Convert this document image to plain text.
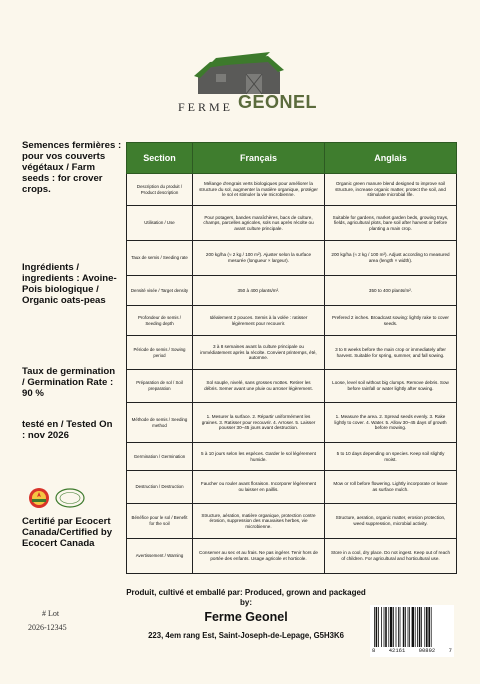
FERME GEONEL
Semences fermières : pour vos couverts végétaux / Farm seeds : for crover crops.
Ingrédients / ingredients : Avoine-Pois biologique / Organic oats-peas
Taux de germination / Germination Rate : 90 %
testé en / Tested On : nov 2026
Certifié par Ecocert Canada/Certified by Ecocert Canada
# Lot
2026-12345
Section	Français	Anglais
Description du produit / Product description	Mélange d'engrais verts biologiques pour améliorer la structure du sol, augmenter la matière organique, protéger le sol et stimuler la vie microbienne.	Organic green manure blend designed to improve soil structure, increase organic matter, protect the soil, and stimulate microbial life.
Utilisation / Use	Pour potagers, bandes maraîchères, bacs de culture, champs, parcelles agricoles, sols nus après récolte ou avant culture principale.	Suitable for gardens, market garden beds, growing trays, fields, agricultural plots, bare soil after harvest or before planting a main crop.
Taux de semis / Seeding rate	200 kg/ha (≈ 2 kg / 100 m²). Ajuster selon la surface mesurée (longueur × largeur).	200 kg/ha (≈ 2 kg / 100 m²). Adjust according to measured area (length × width).
Densité visée / Target density	350 à 400 plants/m².	350 to 400 plants/m².
Profondeur de semis / Seeding depth	Idéalement 2 pouces. Semis à la volée : ratisser légèrement pour recouvrir.	Prefered 2 inches. Broadcast sowing: lightly rake to cover seeds.
Période de semis / Sowing period	3 à 8 semaines avant la culture principale ou immédiatement après la récolte. Convient printemps, été, automne.	3 to 8 weeks before the main crop or immediately after harvest. Suitable for spring, summer, and fall sowing.
Préparation de sol / Soil preparation	Sol souple, nivelé, sans grosses mottes. Retirer les débris. Semer avant une pluie ou arroser légèrement.	Loose, level soil without big clumps. Remove debris. Sow before rainfall or water lightly after sowing.
Méthode de semis / Seeding method	1. Mesurer la surface. 2. Répartir uniformément les graines. 3. Ratisser pour recouvrir. 4. Arroser. 5. Laisser pousser 30–45 jours avant destruction.	1. Measure the area. 2. Spread seeds evenly. 3. Rake lightly to cover. 4. Water. 5. Allow 30–45 days of growth before mowing.
Germination / Germination	5 à 10 jours selon les espèces. Garder le sol légèrement humide.	5 to 10 days depending on species. Keep soil slightly moist.
Destruction / Destruction	Faucher ou rouler avant floraison. Incorporer légèrement ou laisser en paillis.	Mow or roll before flowering. Lightly incorporate or leave as surface mulch.
Bénéfice pour le sol / Benefit for the soil	Structure, aération, matière organique, protection contre érosion, suppression des mauvaises herbes, vie microbienne.	Structure, aeration, organic matter, erosion protection, weed suppression, microbial activity.
Avertissement / Warning	Conserver au sec et au frais. Ne pas ingérer. Tenir hors de portée des enfants. Usage agricole et horticole.	Store in a cool, dry place. Do not ingest. Keep out of reach of children. For agricultural and horticultural use.
Produit, cultivé et emballé par: Produced, grown and packaged by:
Ferme Geonel
223, 4em rang Est, Saint-Joseph-de-Lepage, G5H3K6
8 42161 00892 7
